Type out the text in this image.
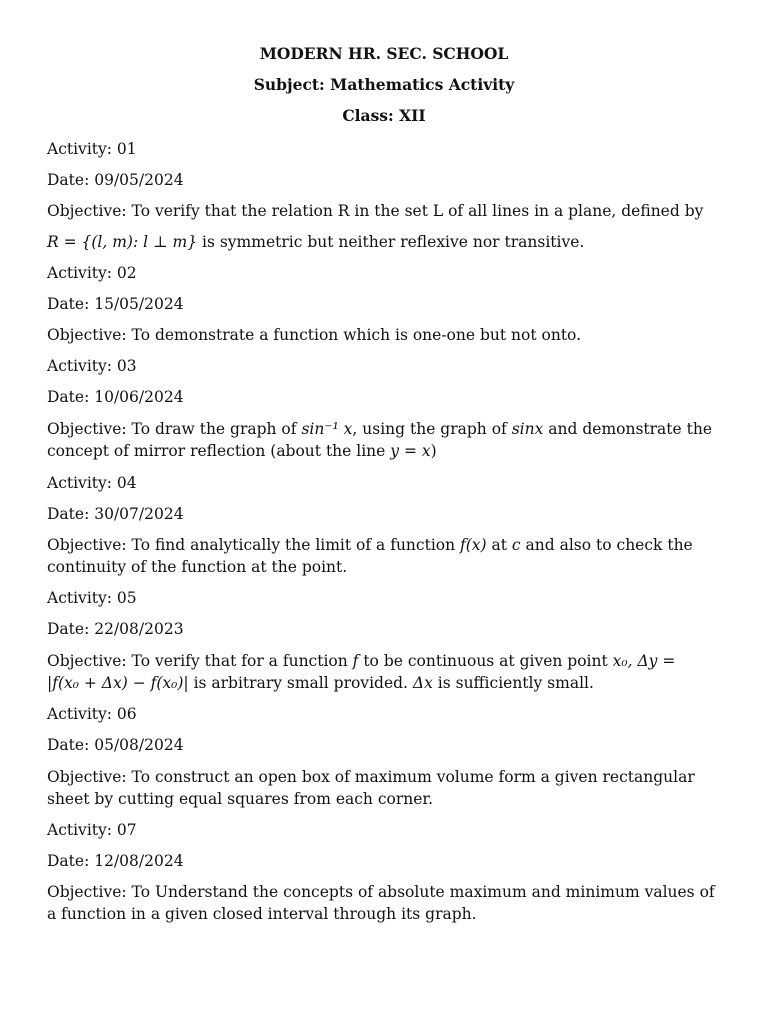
MODERN HR. SEC. SCHOOL
Subject: Mathematics Activity
Class: XII
Activity: 01
Date: 09/05/2024
Objective: To verify that the relation R in the set L of all lines in a plane, defined by
R = {(l, m): l ⊥ m} is symmetric but neither reflexive nor transitive.
Activity: 02
Date: 15/05/2024
Objective: To demonstrate a function which is one-one but not onto.
Activity: 03
Date: 10/06/2024
Objective: To draw the graph of sin⁻¹ x, using the graph of sinx and demonstrate the
concept of mirror reflection (about the line y = x)
Activity: 04
Date: 30/07/2024
Objective: To find analytically the limit of a function f(x) at c and also to check the
continuity of the function at the point.
Activity: 05
Date: 22/08/2023
Objective: To verify that for a function f to be continuous at given point x₀, Δy =
|f(x₀ + Δx) − f(x₀)| is arbitrary small provided. Δx is sufficiently small.
Activity: 06
Date: 05/08/2024
Objective: To construct an open box of maximum volume form a given rectangular sheet by cutting equal squares from each corner.
Activity: 07
Date: 12/08/2024
Objective: To Understand the concepts of absolute maximum and minimum values of a function in a given closed interval through its graph.
